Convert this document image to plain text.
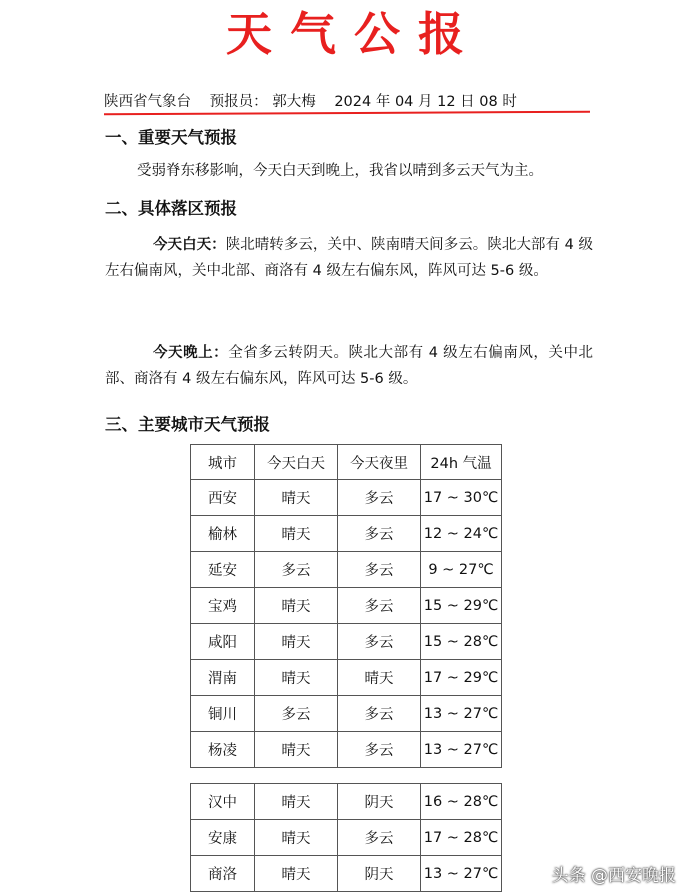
天气公报
陕西省气象台 预报员： 郭大梅 2024 年 04 月 12 日 08 时
一、重要天气预报
受弱脊东移影响，今天白天到晚上，我省以晴到多云天气为主。
二、具体落区预报
今天白天：陕北晴转多云，关中、陕南晴天间多云。陕北大部有 4 级左右偏南风，关中北部、商洛有 4 级左右偏东风，阵风可达 5-6 级。
今天晚上：全省多云转阴天。陕北大部有 4 级左右偏南风，关中北部、商洛有 4 级左右偏东风，阵风可达 5-6 级。
三、主要城市天气预报
城市	今天白天	今天夜里	24h 气温
西安	晴天	多云	17 ~ 30℃
榆林	晴天	多云	12 ~ 24℃
延安	多云	多云	9 ~ 27℃
宝鸡	晴天	多云	15 ~ 29℃
咸阳	晴天	多云	15 ~ 28℃
渭南	晴天	晴天	17 ~ 29℃
铜川	多云	多云	13 ~ 27℃
杨凌	晴天	多云	13 ~ 27℃
汉中	晴天	阴天	16 ~ 28℃
安康	晴天	多云	17 ~ 28℃
商洛	晴天	阴天	13 ~ 27℃	头条 @西安晚报
